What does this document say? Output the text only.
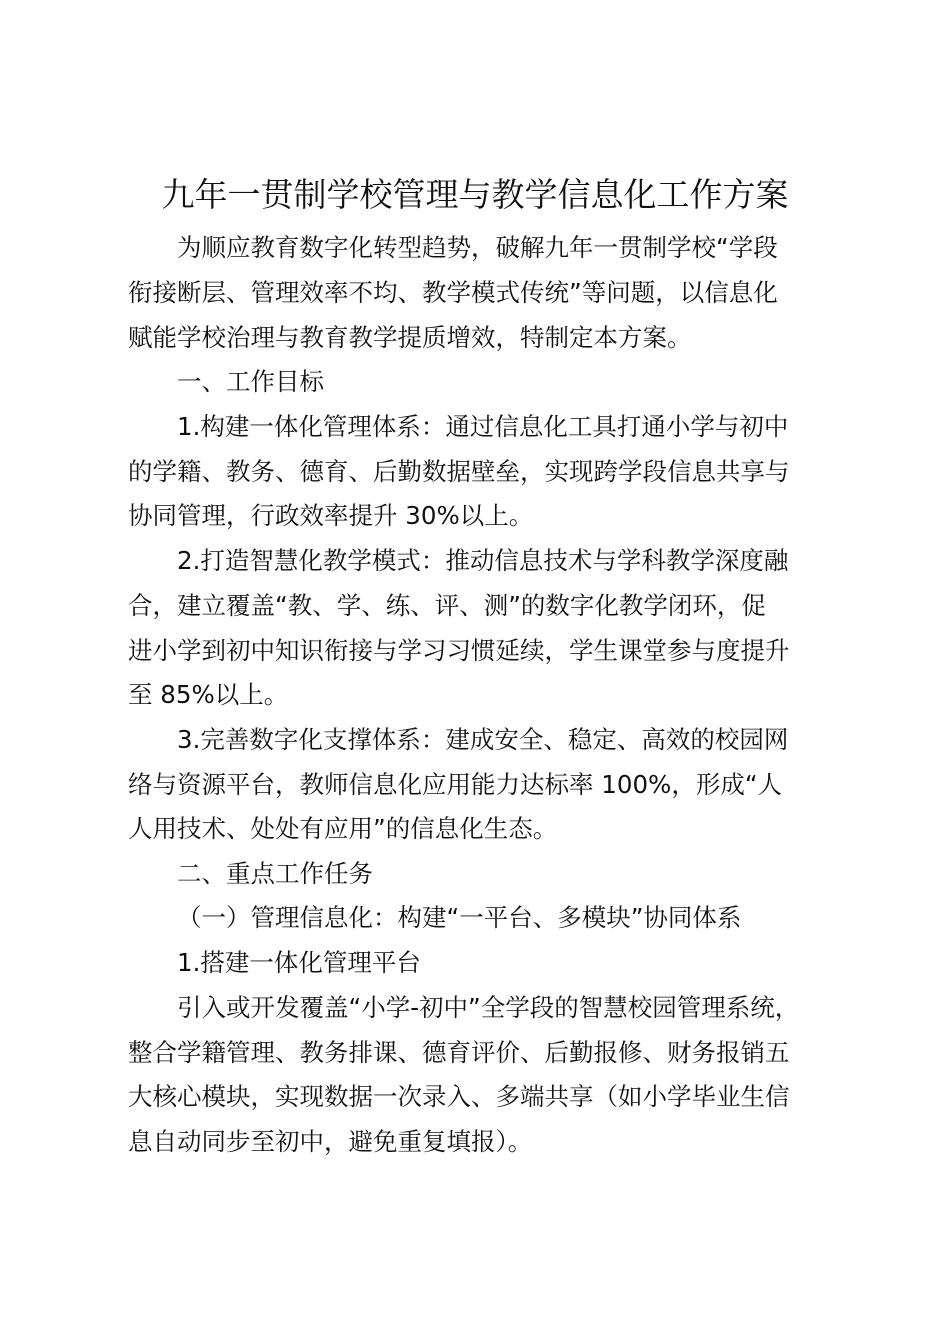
九年一贯制学校管理与教学信息化工作方案
为顺应教育数字化转型趋势，破解九年一贯制学校“学段
衔接断层、管理效率不均、教学模式传统”等问题，以信息化
赋能学校治理与教育教学提质增效，特制定本方案。
一、工作目标
1.构建一体化管理体系：通过信息化工具打通小学与初中
的学籍、教务、德育、后勤数据壁垒，实现跨学段信息共享与
协同管理，行政效率提升 30%以上。
2.打造智慧化教学模式：推动信息技术与学科教学深度融
合，建立覆盖“教、学、练、评、测”的数字化教学闭环，促
进小学到初中知识衔接与学习习惯延续，学生课堂参与度提升
至 85%以上。
3.完善数字化支撑体系：建成安全、稳定、高效的校园网
络与资源平台，教师信息化应用能力达标率 100%，形成“人
人用技术、处处有应用”的信息化生态。
二、重点工作任务
（一）管理信息化：构建“一平台、多模块”协同体系
1.搭建一体化管理平台
引入或开发覆盖“小学-初中”全学段的智慧校园管理系统，
整合学籍管理、教务排课、德育评价、后勤报修、财务报销五
大核心模块，实现数据一次录入、多端共享（如小学毕业生信
息自动同步至初中，避免重复填报）。
